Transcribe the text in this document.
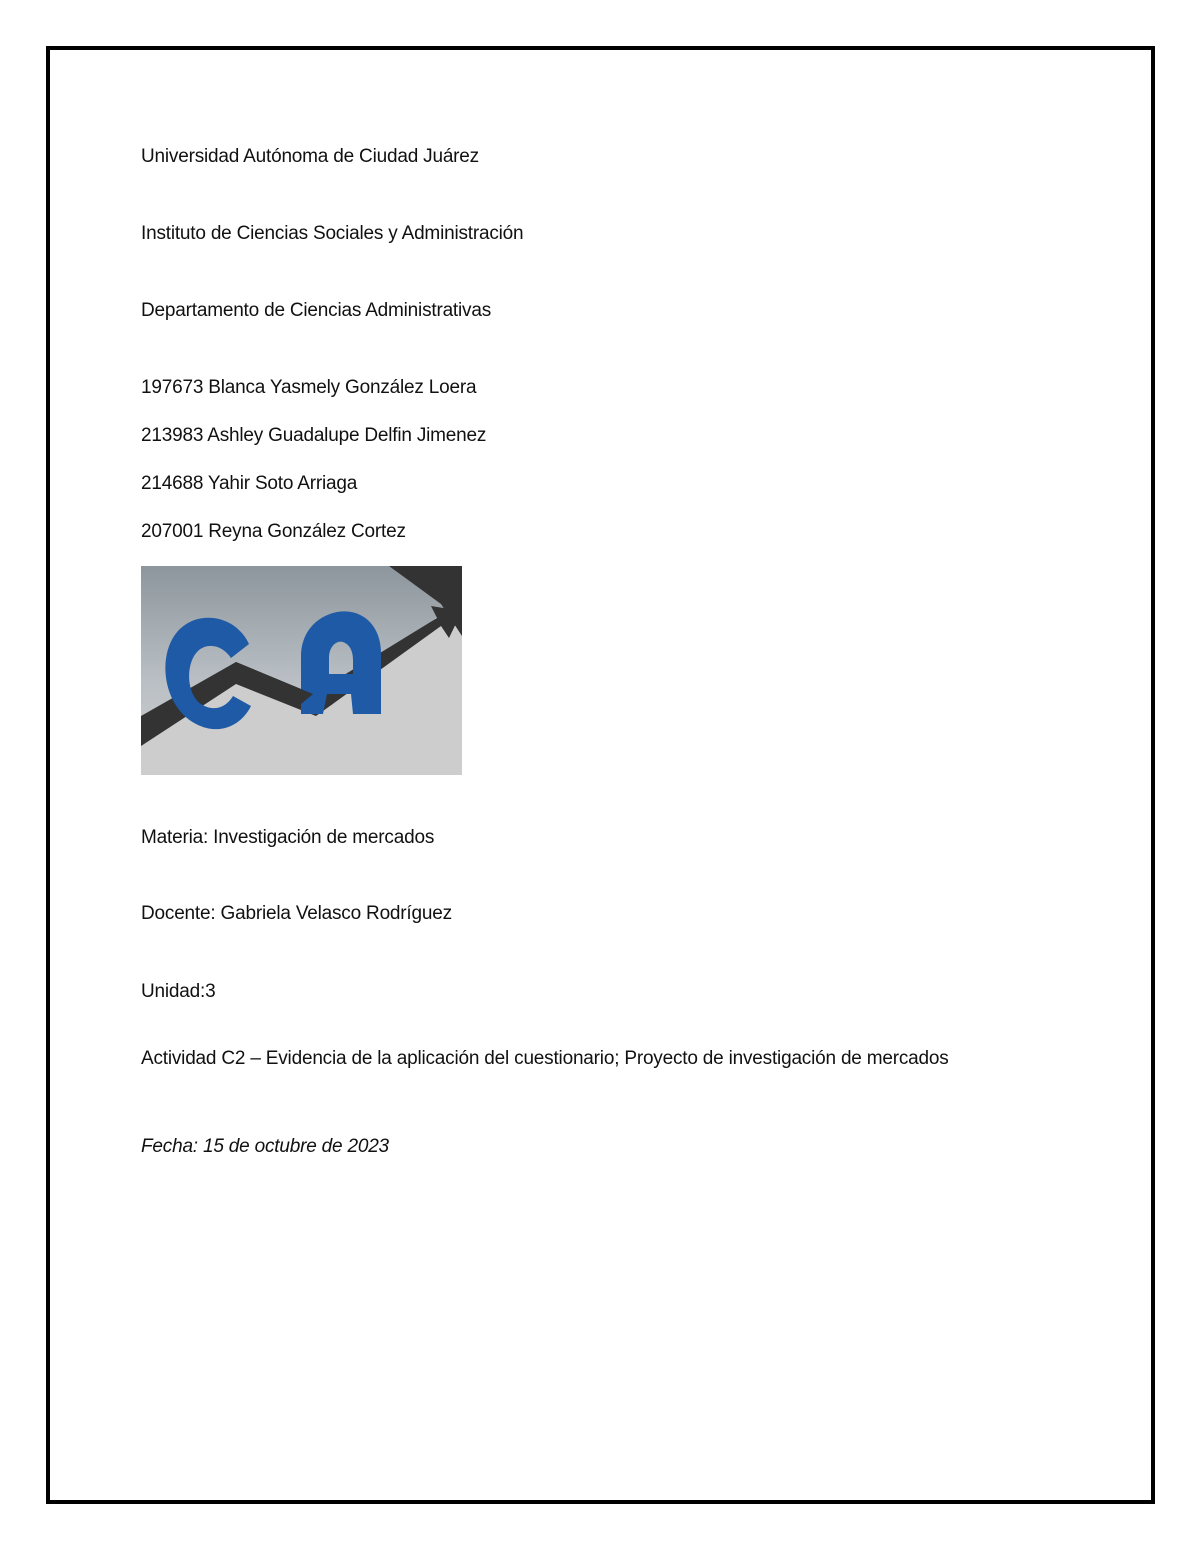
Universidad Autónoma de Ciudad Juárez
Instituto de Ciencias Sociales y Administración
Departamento de Ciencias Administrativas
197673 Blanca Yasmely González Loera
213983 Ashley Guadalupe Delfin Jimenez
214688 Yahir Soto Arriaga
207001 Reyna González Cortez
Materia: Investigación de mercados
Docente: Gabriela Velasco Rodríguez
Unidad:3
Actividad C2 – Evidencia de la aplicación del cuestionario; Proyecto de investigación de mercados
Fecha: 15 de octubre de 2023
